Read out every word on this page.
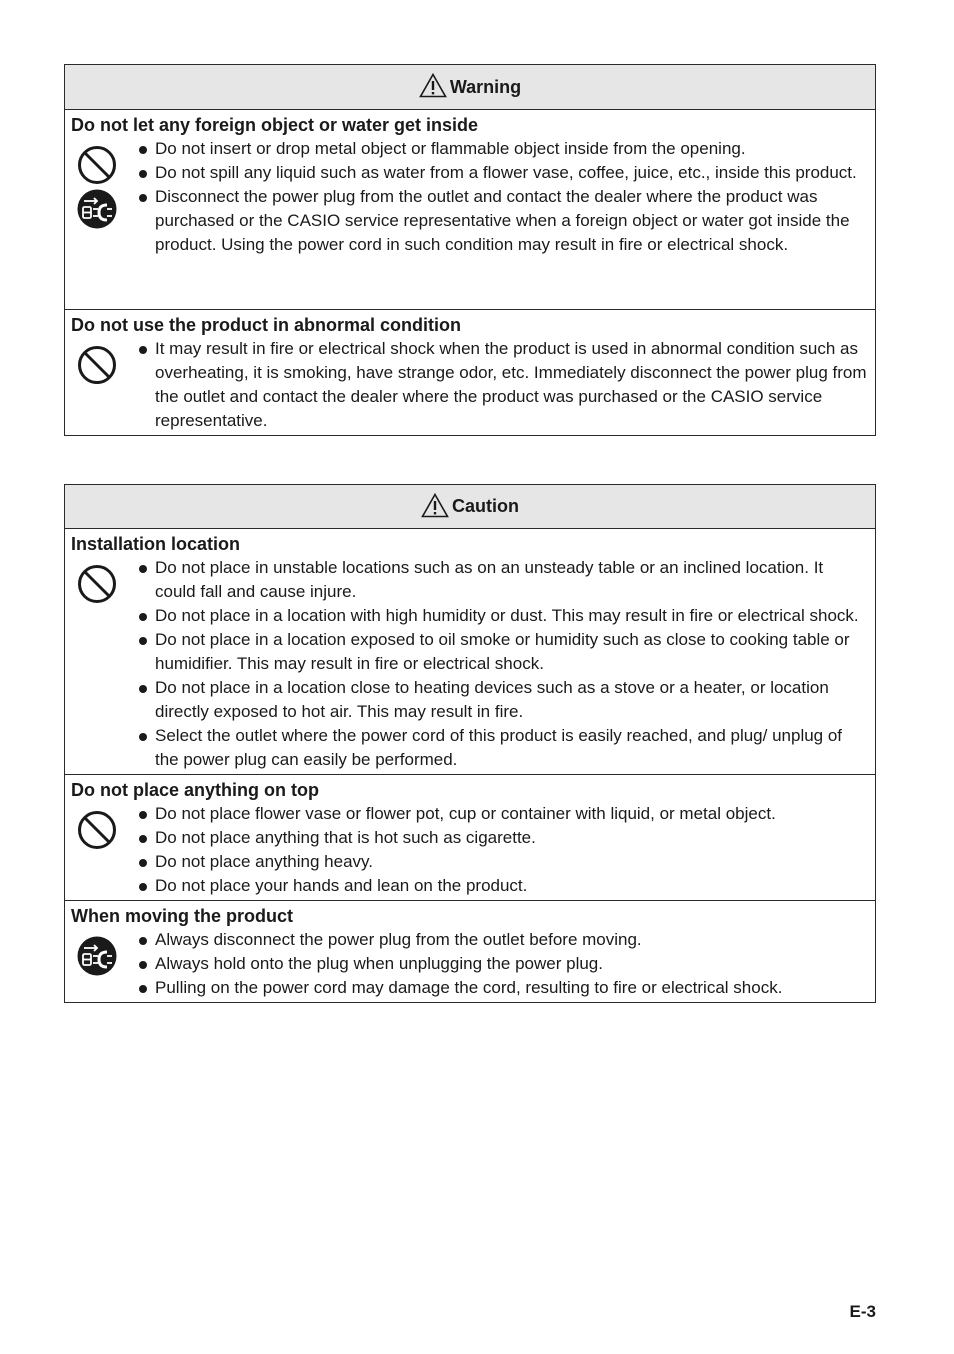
Warning
Do not let any foreign object or water get inside
Do not insert or drop metal object or flammable object inside from the opening.
Do not spill any liquid such as water from a flower vase, coffee, juice, etc., inside this product.
Disconnect the power plug from the outlet and contact the dealer where the product was purchased or the CASIO service representative when a foreign object or water got inside the product. Using the power cord in such condition may result in fire or electrical shock.
Do not use the product in abnormal condition
It may result in fire or electrical shock when the product is used in abnormal condition such as overheating, it is smoking, have strange odor, etc. Immediately disconnect the power plug from the outlet and contact the dealer where the product was purchased or the CASIO service representative.
Caution
Installation location
Do not place in unstable locations such as on an unsteady table or an inclined location. It could fall and cause injure.
Do not place in a location with high humidity or dust. This may result in fire or electrical shock.
Do not place in a location exposed to oil smoke or humidity such as close to cooking table or humidifier. This may result in fire or electrical shock.
Do not place in a location close to heating devices such as a stove or a heater, or location directly exposed to hot air. This may result in fire.
Select the outlet where the power cord of this product is easily reached, and plug/ unplug of the power plug can easily be performed.
Do not place anything on top
Do not place flower vase or flower pot, cup or container with liquid, or metal object.
Do not place anything that is hot such as cigarette.
Do not place anything heavy.
Do not place your hands and lean on the product.
When moving the product
Always disconnect the power plug from the outlet before moving.
Always hold onto the plug when unplugging the power plug.
Pulling on the power cord may damage the cord, resulting to fire or electrical shock.
E-3
